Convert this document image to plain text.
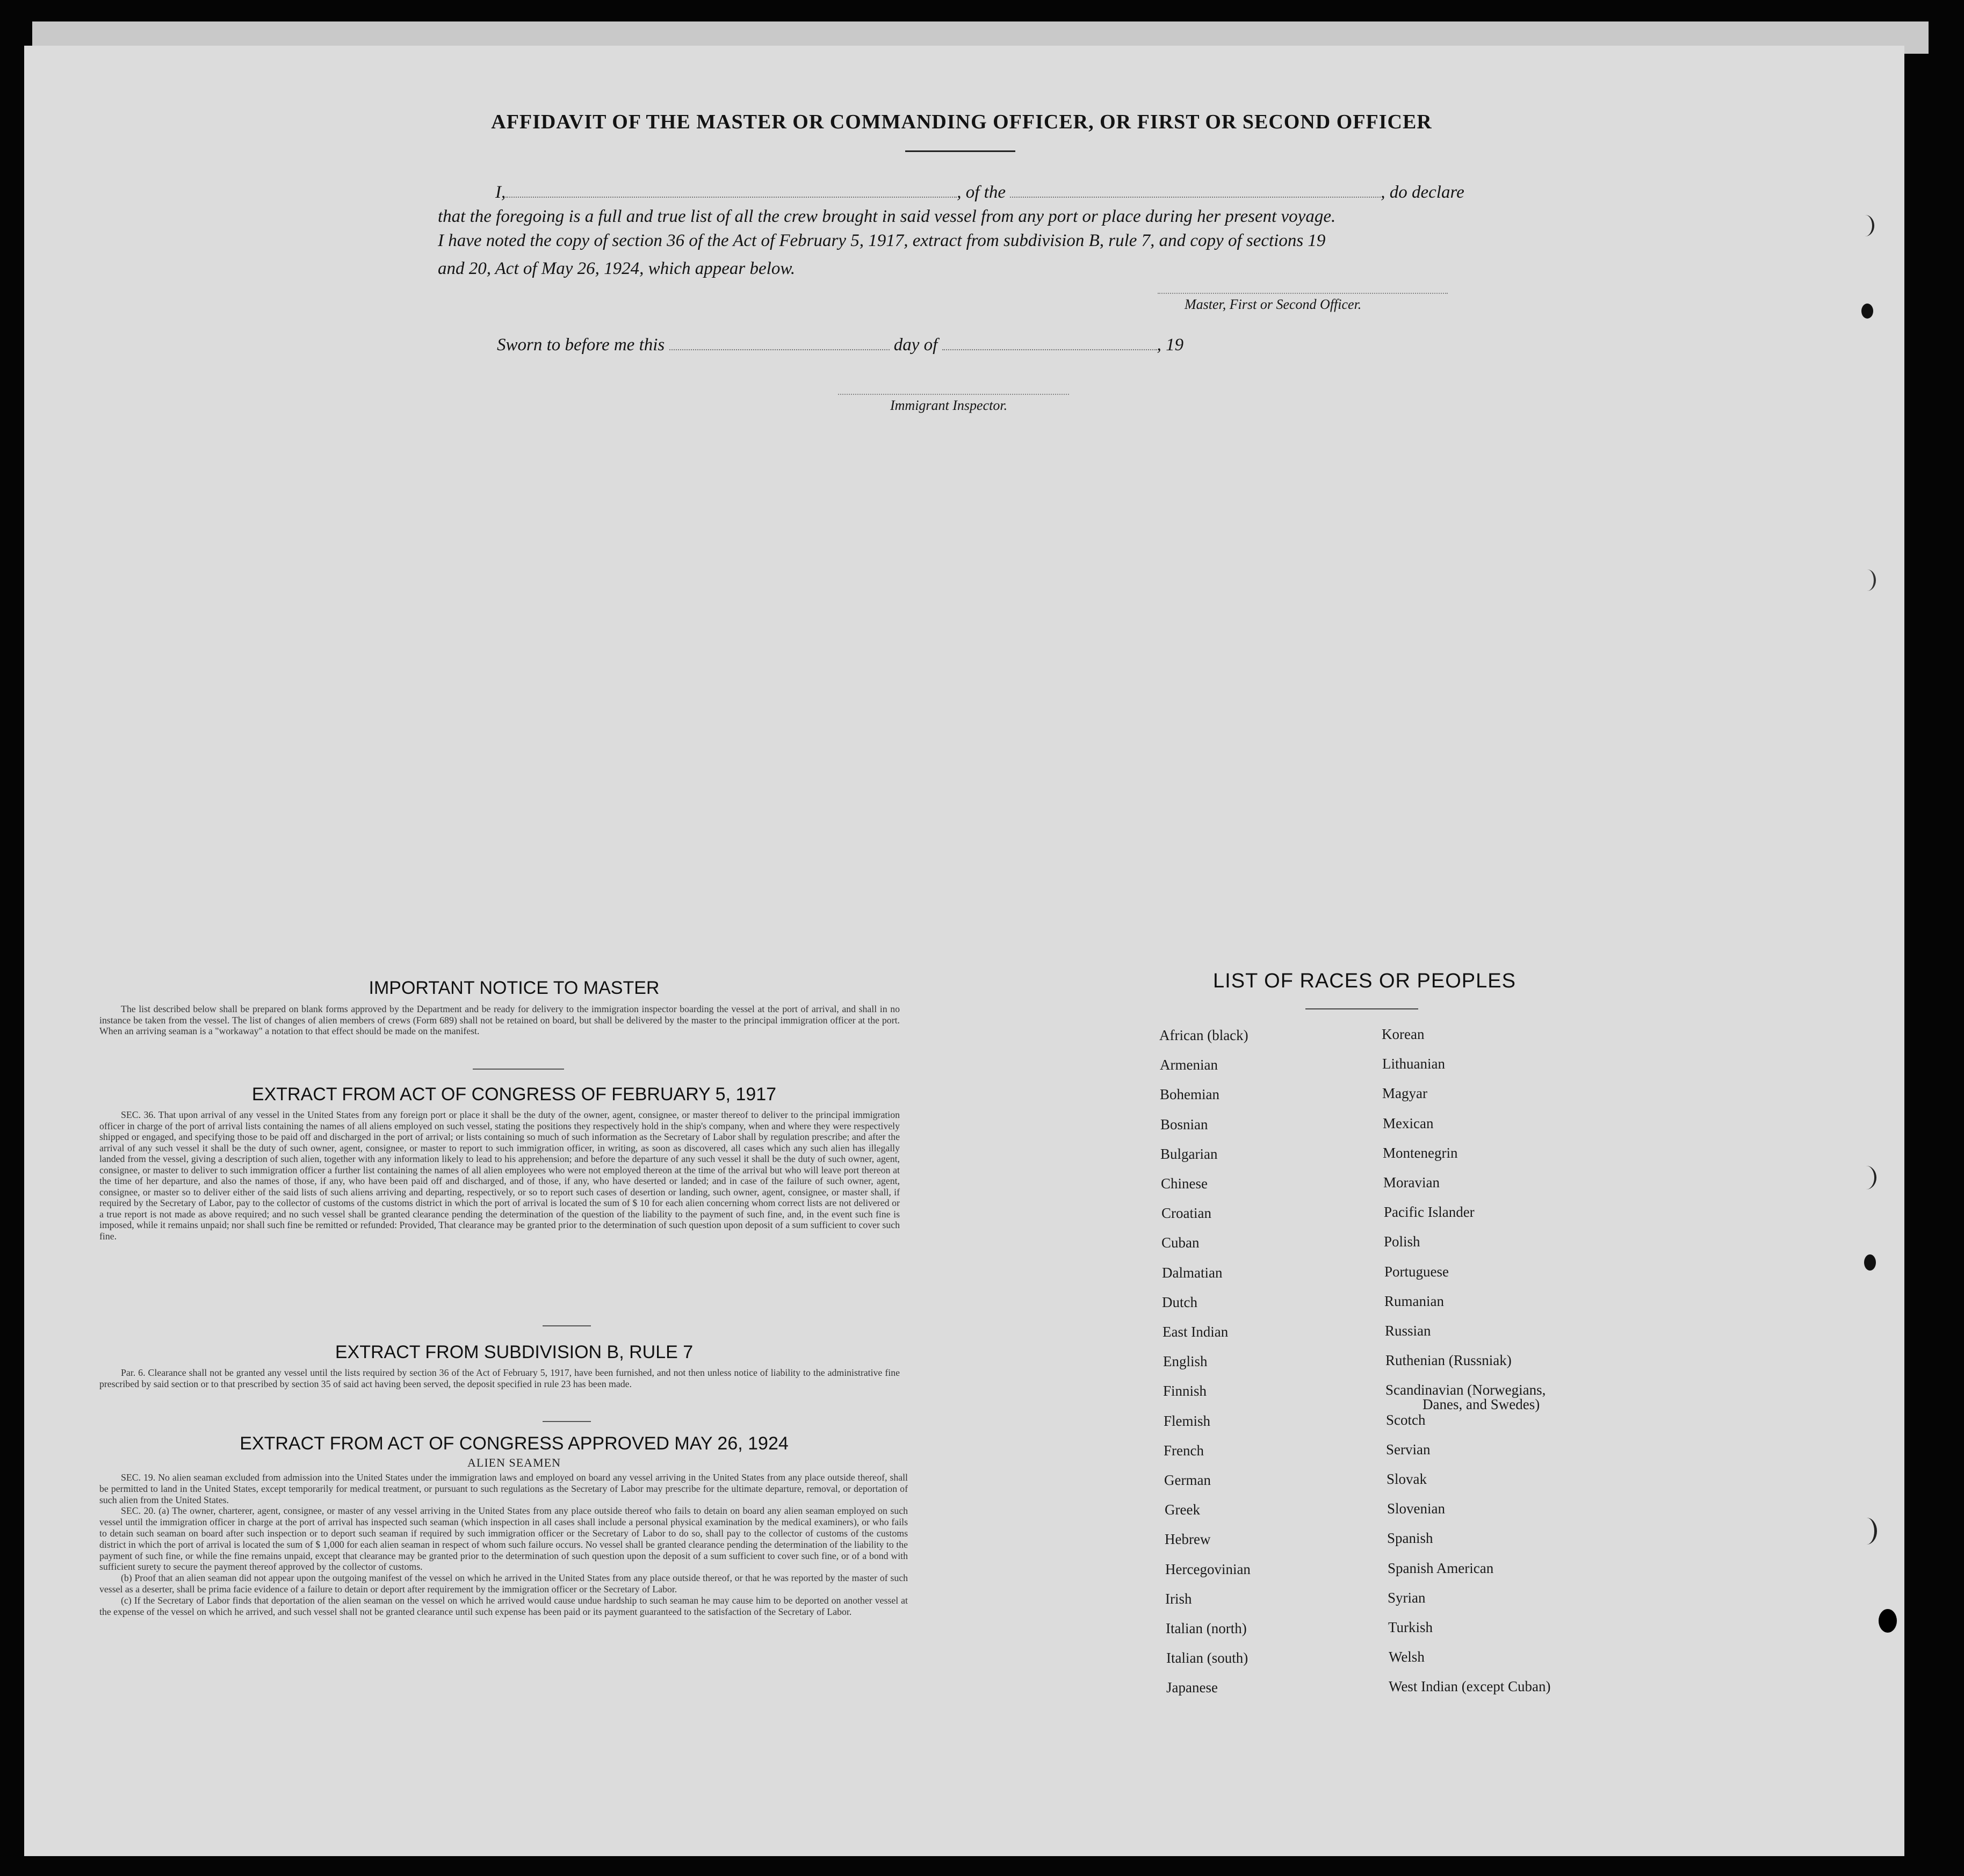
AFFIDAVIT OF THE MASTER OR COMMANDING OFFICER, OR FIRST OR SECOND OFFICER
I,	, of the	, do declare
that the foregoing is a full and true list of all the crew brought in said vessel from any port or place during her present voyage.
I have noted the copy of section 36 of the Act of February 5, 1917, extract from subdivision B, rule 7, and copy of sections 19
and 20, Act of May 26, 1924, which appear below.
Master, First or Second Officer.
Sworn to before me this	day of	, 19
Immigrant Inspector.
IMPORTANT NOTICE TO MASTER

The list described below shall be prepared on blank forms approved by the Department and be ready for delivery to the immigration inspector boarding the vessel at the port of arrival, and shall in no instance be taken from the vessel. The list of changes of alien members of crews (Form 689) shall not be retained on board, but shall be delivered by the master to the principal immigration officer at the port. When an arriving seaman is a "workaway" a notation to that effect should be made on the manifest.

EXTRACT FROM ACT OF CONGRESS OF FEBRUARY 5, 1917

SEC. 36. That upon arrival of any vessel in the United States from any foreign port or place it shall be the duty of the owner, agent, consignee, or master thereof to deliver to the principal immigration officer in charge of the port of arrival lists containing the names of all aliens employed on such vessel, stating the positions they respectively hold in the ship's company, when and where they were respectively shipped or engaged, and specifying those to be paid off and discharged in the port of arrival; or lists containing so much of such information as the Secretary of Labor shall by regulation prescribe; and after the arrival of any such vessel it shall be the duty of such owner, agent, consignee, or master to report to such immigration officer, in writing, as soon as discovered, all cases which any such alien has illegally landed from the vessel, giving a description of such alien, together with any information likely to lead to his apprehension; and before the departure of any such vessel it shall be the duty of such owner, agent, consignee, or master to deliver to such immigration officer a further list containing the names of all alien employees who were not employed thereon at the time of the arrival but who will leave port thereon at the time of her departure, and also the names of those, if any, who have been paid off and discharged, and of those, if any, who have deserted or landed; and in case of the failure of such owner, agent, consignee, or master so to deliver either of the said lists of such aliens arriving and departing, respectively, or so to report such cases of desertion or landing, such owner, agent, consignee, or master shall, if required by the Secretary of Labor, pay to the collector of customs of the customs district in which the port of arrival is located the sum of $ 10 for each alien concerning whom correct lists are not delivered or a true report is not made as above required; and no such vessel shall be granted clearance pending the determination of the question of the liability to the payment of such fine, and, in the event such fine is imposed, while it remains unpaid; nor shall such fine be remitted or refunded: Provided, That clearance may be granted prior to the determination of such question upon deposit of a sum sufficient to cover such fine.

EXTRACT FROM SUBDIVISION B, RULE 7

Par. 6. Clearance shall not be granted any vessel until the lists required by section 36 of the Act of February 5, 1917, have been furnished, and not then unless notice of liability to the administrative fine prescribed by said section or to that prescribed by section 35 of said act having been served, the deposit specified in rule 23 has been made.

EXTRACT FROM ACT OF CONGRESS APPROVED MAY 26, 1924
ALIEN SEAMEN

SEC. 19. No alien seaman excluded from admission into the United States under the immigration laws and employed on board any vessel arriving in the United States from any place outside thereof, shall be permitted to land in the United States, except temporarily for medical treatment, or pursuant to such regulations as the Secretary of Labor may prescribe for the ultimate departure, removal, or deportation of such alien from the United States.

SEC. 20. (a) The owner, charterer, agent, consignee, or master of any vessel arriving in the United States from any place outside thereof who fails to detain on board any alien seaman employed on such vessel until the immigration officer in charge at the port of arrival has inspected such seaman (which inspection in all cases shall include a personal physical examination by the medical examiners), or who fails to detain such seaman on board after such inspection or to deport such seaman if required by such immigration officer or the Secretary of Labor to do so, shall pay to the collector of customs of the customs district in which the port of arrival is located the sum of $ 1,000 for each alien seaman in respect of whom such failure occurs. No vessel shall be granted clearance pending the determination of the liability to the payment of such fine, or while the fine remains unpaid, except that clearance may be granted prior to the determination of such question upon the deposit of a sum sufficient to cover such fine, or of a bond with sufficient surety to secure the payment thereof approved by the collector of customs.

(b) Proof that an alien seaman did not appear upon the outgoing manifest of the vessel on which he arrived in the United States from any place outside thereof, or that he was reported by the master of such vessel as a deserter, shall be prima facie evidence of a failure to detain or deport after requirement by the immigration officer or the Secretary of Labor.

(c) If the Secretary of Labor finds that deportation of the alien seaman on the vessel on which he arrived would cause undue hardship to such seaman he may cause him to be deported on another vessel at the expense of the vessel on which he arrived, and such vessel shall not be granted clearance until such expense has been paid or its payment guaranteed to the satisfaction of the Secretary of Labor.

LIST OF RACES OR PEOPLES
African (black)
Armenian
Bohemian
Bosnian
Bulgarian
Chinese
Croatian
Cuban
Dalmatian
Dutch
East Indian
English
Finnish
Flemish
French
German
Greek
Hebrew
Hercegovinian
Irish
Italian (north)
Italian (south)
Japanese
Korean
Lithuanian
Magyar
Mexican
Montenegrin
Moravian
Pacific Islander
Polish
Portuguese
Rumanian
Russian
Ruthenian (Russniak)
Scandinavian (Norwegians,
Scotch
Servian
Slovak
Slovenian
Spanish
Spanish American
Syrian
Turkish
Welsh
West Indian (except Cuban)
Danes, and Swedes)
